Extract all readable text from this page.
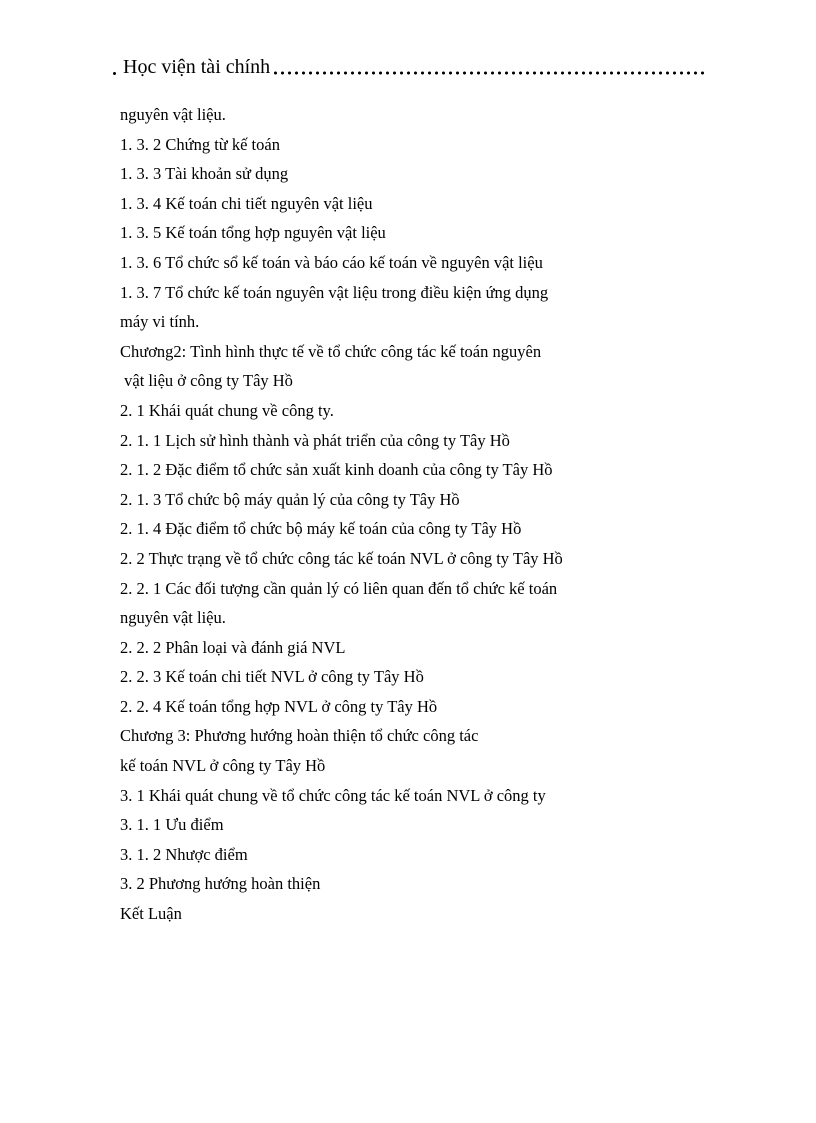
Học viện tài chính
nguyên vật liệu.
1. 3. 2 Chứng từ kế toán
1. 3. 3 Tài khoản sử dụng
1. 3. 4 Kế toán chi tiết nguyên vật liệu
1. 3. 5 Kế toán tổng hợp nguyên vật liệu
1. 3. 6 Tổ chức sổ kế toán và báo cáo kế toán về nguyên vật liệu
1. 3. 7 Tổ chức kế toán nguyên vật liệu trong điều kiện ứng dụng
máy vi tính.
Chương2: Tình hình thực tế về tổ chức công tác kế toán nguyên
vật liệu ở công ty Tây Hồ
2. 1 Khái quát chung về công ty.
2. 1. 1 Lịch sử hình thành và phát triển của công ty Tây Hồ
2. 1. 2 Đặc điểm tổ chức sản xuất kinh doanh của công ty Tây Hồ
2. 1. 3 Tổ chức bộ máy quản lý của công ty Tây Hồ
2. 1. 4 Đặc điểm tổ chức bộ máy kế toán của công ty Tây Hồ
2. 2 Thực trạng về tổ chức công tác kế toán NVL ở công ty Tây Hồ
2. 2. 1 Các đối tượng cần quản lý có liên quan đến tổ chức kế toán
nguyên vật liệu.
2. 2. 2 Phân loại và đánh giá NVL
2. 2. 3 Kế toán chi tiết NVL ở công ty Tây Hồ
2. 2. 4 Kế toán tổng hợp NVL ở công ty Tây Hồ
Chương 3: Phương hướng hoàn thiện tổ chức công tác
kế toán NVL ở công ty Tây Hồ
3. 1 Khái quát chung về tổ chức công tác kế toán NVL ở công ty
3. 1. 1 Ưu điểm
3. 1. 2 Nhược điểm
3. 2 Phương hướng hoàn thiện
Kết Luận
